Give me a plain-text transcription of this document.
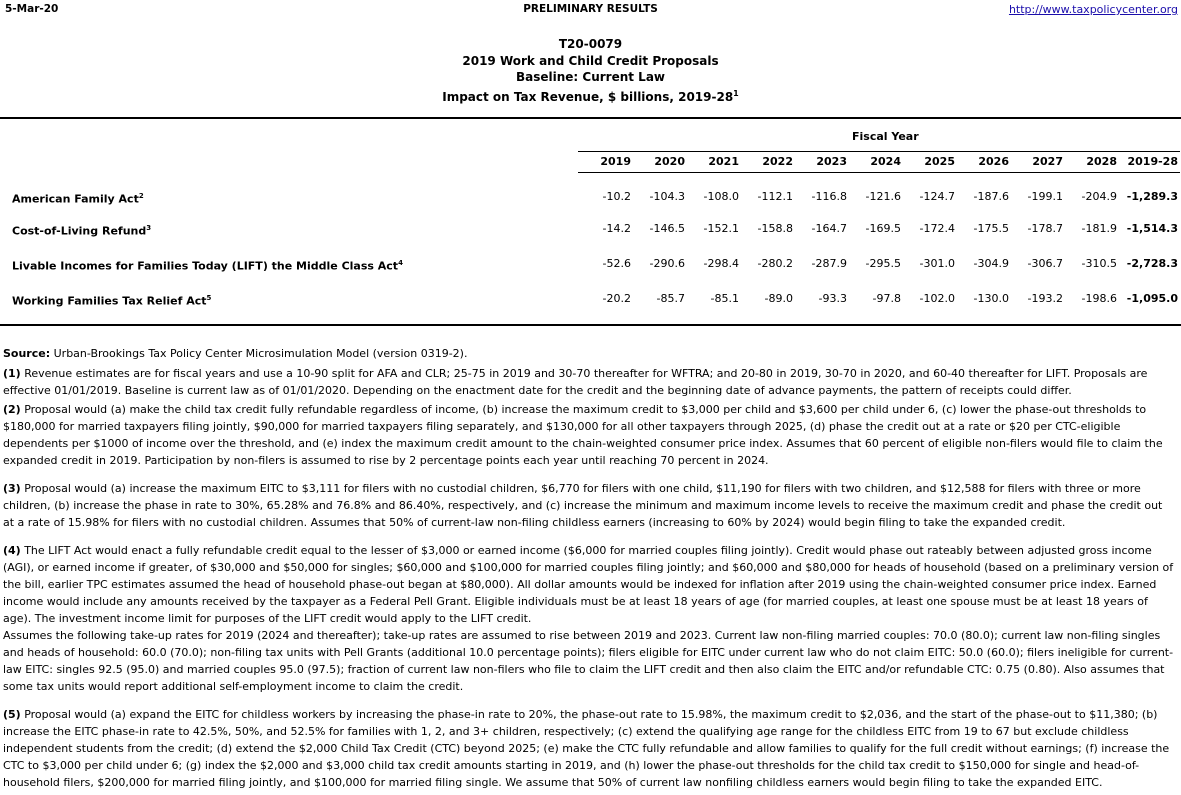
5-Mar-20	PRELIMINARY RESULTS	http://www.taxpolicycenter.org
T20-0079
2019 Work and Child Credit Proposals
Baseline: Current Law
Impact on Tax Revenue, $ billions, $2019-28^1$
Fiscal Year
2019	2020	2021	2022	2023	2024	2025	2026	2027	2028 2019-28
American Family Act$^2$	-10.2	-104.3	-108.0	-112.1	-116.8	-121.6	-124.7	-187.6	-199.1	-204.9 -1,289.3
Cost-of-Living Refund$^3$	-14.2	-146.5	-152.1	-158.8	-164.7	-169.5	-172.4	-175.5	-178.7	-181.9 -1,514.3
Livable Incomes for Families Today (LIFT) the Middle Class Act$^4$	-52.6	-290.6	-298.4	-280.2	-287.9	-295.5	-301.0	-304.9	-306.7	-310.5 -2,728.3
Working Families Tax Relief Act$^5$	-20.2	-85.7	-85.1	-89.0	-93.3	-97.8	-102.0	-130.0	-193.2	-198.6 -1,095.0

Source: Urban-Brookings Tax Policy Center Microsimulation Model (version 0319-2).

(1) Revenue estimates are for fiscal years and use a 10-90 split for AFA and CLR; 25-75 in 2019 and 30-70 thereafter for WFTRA; and 20-80 in 2019, 30-70 in 2020, and 60-40 thereafter for LIFT. Proposals are effective 01/01/2019. Baseline is current law as of 01/01/2020. Depending on the enactment date for the credit and the beginning date of advance payments, the pattern of receipts could differ.

(2) Proposal would (a) make the child tax credit fully refundable regardless of income, (b) increase the maximum credit to $3,000 per child and $3,600 per child under 6, (c) lower the phase-out thresholds to $180,000 for married taxpayers filing jointly, $90,000 for married taxpayers filing separately, and $130,000 for all other taxpayers through 2025, (d) phase the credit out at a rate or $20 per CTC-eligible dependents per $1000 of income over the threshold, and (e) index the maximum credit amount to the chain-weighted consumer price index. Assumes that 60 percent of eligible non-filers would file to claim the expanded credit in 2019. Participation by non-filers is assumed to rise by 2 percentage points each year until reaching 70 percent in 2024.

(3) Proposal would (a) increase the maximum EITC to $3,111 for filers with no custodial children, $6,770 for filers with one child, $11,190 for filers with two children, and $12,588 for filers with three or more children, (b) increase the phase in rate to 30%, 65.28% and 76.8% and 86.40%, respectively, and (c) increase the minimum and maximum income levels to receive the maximum credit and phase the credit out at a rate of 15.98% for filers with no custodial children. Assumes that 50% of current-law non-filing childless earners (increasing to 60% by 2024) would begin filing to take the expanded credit.

(4) The LIFT Act would enact a fully refundable credit equal to the lesser of $3,000 or earned income ($6,000 for married couples filing jointly). Credit would phase out rateably between adjusted gross income (AGI), or earned income if greater, of $30,000 and $50,000 for singles; $60,000 and $100,000 for married couples filing jointly; and $60,000 and $80,000 for heads of household (based on a preliminary version of the bill, earlier TPC estimates assumed the head of household phase-out began at $80,000). All dollar amounts would be indexed for inflation after 2019 using the chain-weighted consumer price index. Earned income would include any amounts received by the taxpayer as a Federal Pell Grant. Eligible individuals must be at least 18 years of age (for married couples, at least one spouse must be at least 18 years of age). The investment income limit for purposes of the LIFT credit would apply to the LIFT credit.

Assumes the following take-up rates for 2019 (2024 and thereafter); take-up rates are assumed to rise between 2019 and 2023. Current law non-filing married couples: 70.0 (80.0); current law non-filing singles and heads of household: 60.0 (70.0); non-filing tax units with Pell Grants (additional 10.0 percentage points); filers eligible for EITC under current law who do not claim EITC: 50.0 (60.0); filers ineligible for current-law EITC: singles 92.5 (95.0) and married couples 95.0 (97.5); fraction of current law non-filers who file to claim the LIFT credit and then also claim the EITC and/or refundable CTC: 0.75 (0.80). Also assumes that some tax units would report additional self-employment income to claim the credit.

(5) Proposal would (a) expand the EITC for childless workers by increasing the phase-in rate to 20%, the phase-out rate to 15.98%, the maximum credit to $2,036, and the start of the phase-out to $11,380; (b) increase the EITC phase-in rate to 42.5%, 50%, and 52.5% for families with 1, 2, and 3+ children, respectively; (c) extend the qualifying age range for the childless EITC from 19 to 67 but exclude childless independent students from the credit; (d) extend the $2,000 Child Tax Credit (CTC) beyond 2025; (e) make the CTC fully refundable and allow families to qualify for the full credit without earnings; (f) increase the CTC to $3,000 per child under 6; (g) index the $2,000 and $3,000 child tax credit amounts starting in 2019, and (h) lower the phase-out thresholds for the child tax credit to $150,000 for single and head-of-household filers, $200,000 for married filing jointly, and $100,000 for married filing single. We assume that 50% of current law nonfiling childless earners would begin filing to take the expanded EITC.
